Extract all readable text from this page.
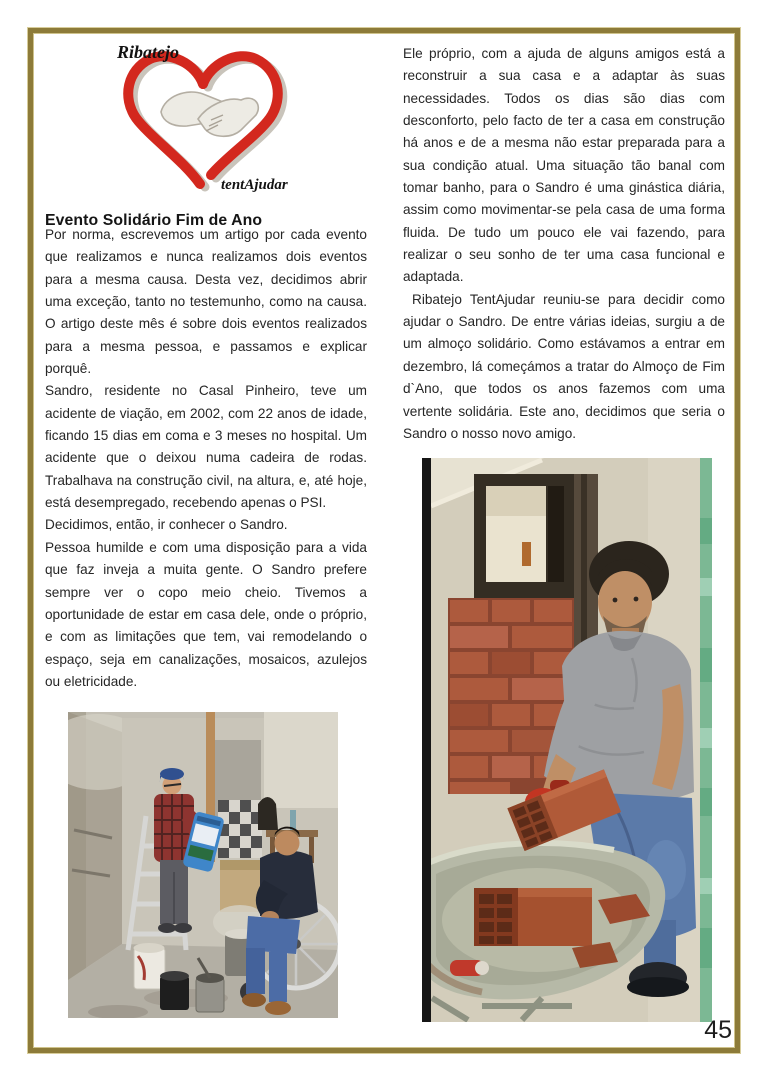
Ribatejo
tentAjudar
Evento Solidário Fim de Ano

Por norma, escrevemos um artigo por cada evento que realizamos e nunca realizamos dois eventos para a mesma causa. Desta vez, decidimos abrir uma exceção, tanto no testemunho, como na causa. O artigo deste mês é sobre dois eventos realizados para a mesma pessoa, e passamos e explicar porquê.

Sandro, residente no Casal Pinheiro, teve um acidente de viação, em 2002, com 22 anos de idade, ficando 15 dias em coma e 3 meses no hospital. Um acidente que o deixou numa cadeira de rodas. Trabalhava na construção civil, na altura, e, até hoje, está desempregado, recebendo apenas o PSI.

Decidimos, então, ir conhecer o Sandro.

Pessoa humilde e com uma disposição para a vida que faz inveja a muita gente. O Sandro prefere sempre ver o copo meio cheio. Tivemos a oportunidade de estar em casa dele, onde o próprio, e com as limitações que tem, vai remodelando o espaço, seja em canalizações, mosaicos, azulejos ou eletricidade.

Ele próprio, com a ajuda de alguns amigos está a reconstruir a sua casa e a adaptar às suas necessidades. Todos os dias são dias com desconforto, pelo facto de ter a casa em construção há anos e de a mesma não estar preparada para a sua condição atual. Uma situação tão banal com tomar banho, para o Sandro é uma ginástica diária, assim como movimentar-se pela casa de uma forma fluida. De tudo um pouco ele vai fazendo, para realizar o seu sonho de ter uma casa funcional e adaptada.

Ribatejo TentAjudar reuniu-se para decidir como ajudar o Sandro. De entre várias ideias, surgiu a de um almoço solidário. Como estávamos a entrar em dezembro, lá começámos a tratar do Almoço de Fim d`Ano, que todos os anos fazemos com uma vertente solidária. Este ano, decidimos que seria o Sandro o nosso novo amigo.

45
